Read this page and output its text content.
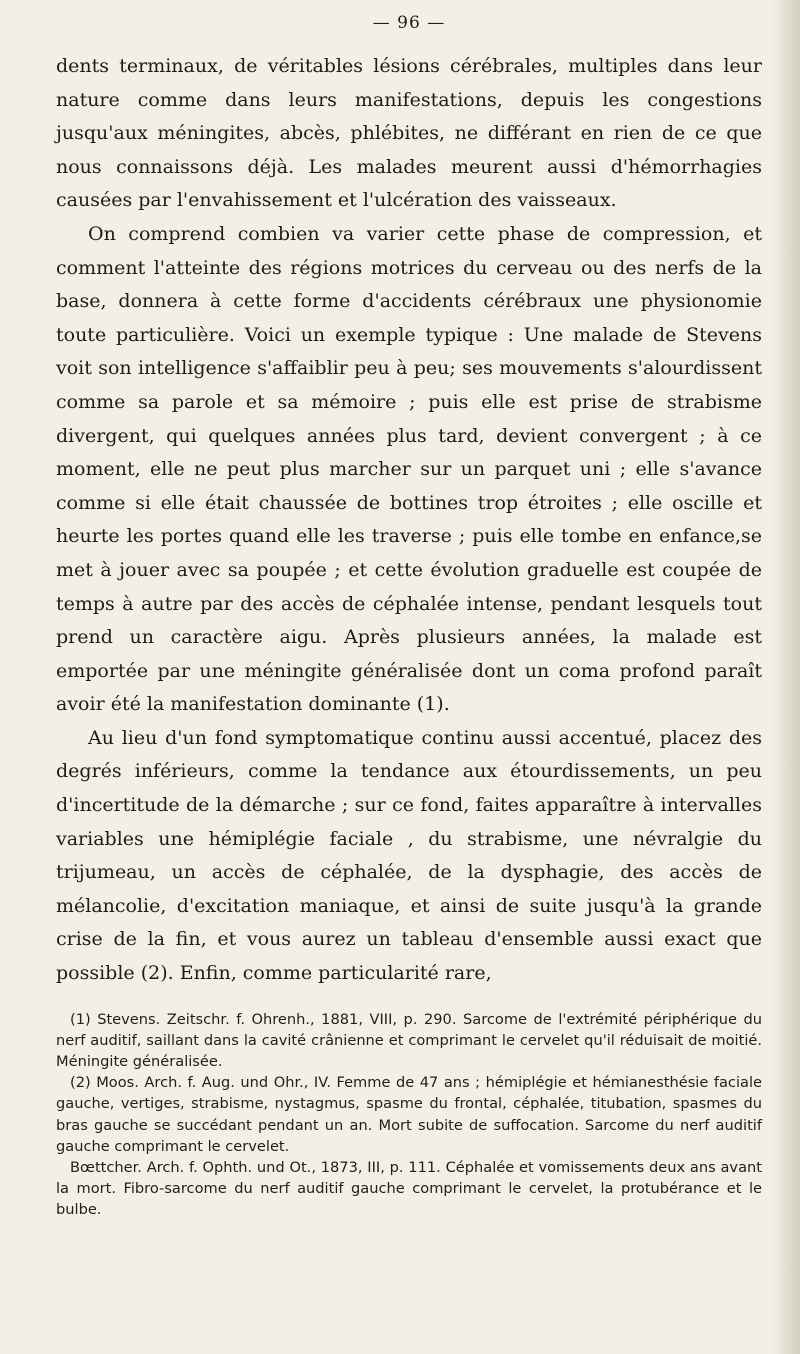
— 96 —

dents terminaux, de véritables lésions cérébrales, multiples dans leur nature comme dans leurs manifestations, depuis les congestions jusqu'aux méningites, abcès, phlébites, ne différant en rien de ce que nous connaissons déjà. Les malades meurent aussi d'hémorrhagies causées par l'envahissement et l'ulcération des vaisseaux.

On comprend combien va varier cette phase de compression, et comment l'atteinte des régions motrices du cerveau ou des nerfs de la base, donnera à cette forme d'accidents cérébraux une physionomie toute particulière. Voici un exemple typique : Une malade de Stevens voit son intelligence s'affaiblir peu à peu; ses mouvements s'alourdissent comme sa parole et sa mémoire ; puis elle est prise de strabisme divergent, qui quelques années plus tard, devient convergent ; à ce moment, elle ne peut plus marcher sur un parquet uni ; elle s'avance comme si elle était chaussée de bottines trop étroites ; elle oscille et heurte les portes quand elle les traverse ; puis elle tombe en enfance,se met à jouer avec sa poupée ; et cette évolution graduelle est coupée de temps à autre par des accès de céphalée intense, pendant lesquels tout prend un caractère aigu. Après plusieurs années, la malade est emportée par une méningite généralisée dont un coma profond paraît avoir été la manifestation dominante (1).

Au lieu d'un fond symptomatique continu aussi accentué, placez des degrés inférieurs, comme la tendance aux étourdissements, un peu d'incertitude de la démarche ; sur ce fond, faites apparaître à intervalles variables une hémiplégie faciale , du strabisme, une névralgie du trijumeau, un accès de céphalée, de la dysphagie, des accès de mélancolie, d'excitation maniaque, et ainsi de suite jusqu'à la grande crise de la fin, et vous aurez un tableau d'ensemble aussi exact que possible (2). Enfin, comme particularité rare,

(1) Stevens. Zeitschr. f. Ohrenh., 1881, VIII, p. 290. Sarcome de l'extrémité périphérique du nerf auditif, saillant dans la cavité crânienne et comprimant le cervelet qu'il réduisait de moitié. Méningite généralisée.

(2) Moos. Arch. f. Aug. und Ohr., IV. Femme de 47 ans ; hémiplégie et hémianesthésie faciale gauche, vertiges, strabisme, nystagmus, spasme du frontal, céphalée, titubation, spasmes du bras gauche se succédant pendant un an. Mort subite de suffocation. Sarcome du nerf auditif gauche comprimant le cervelet.

Bœttcher. Arch. f. Ophth. und Ot., 1873, III, p. 111. Céphalée et vomissements deux ans avant la mort. Fibro-sarcome du nerf auditif gauche comprimant le cervelet, la protubérance et le bulbe.
